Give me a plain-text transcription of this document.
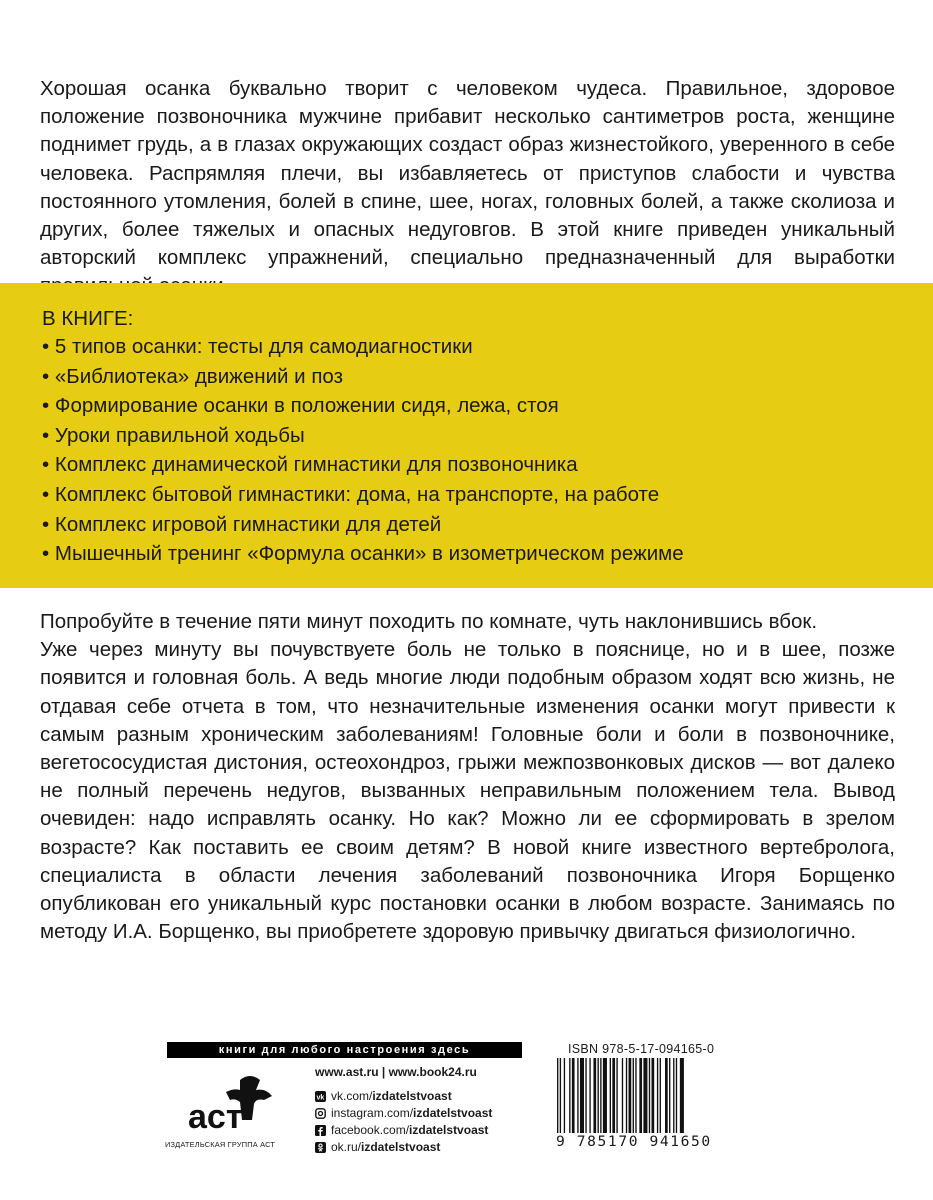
Хорошая осанка буквально творит с человеком чудеса. Правильное, здоровое положение позвоночника мужчине прибавит несколько сантиметров роста, женщине поднимет грудь, а в глазах окружающих создаст образ жизнестойкого, уверенного в себе человека. Распрямляя плечи, вы избавляетесь от приступов слабости и чувства постоянного утомления, болей в спине, шее, ногах, головных болей, а также сколиоза и других, более тяжелых и опасных недуговгов. В этой книге приведен уникальный авторский комплекс упражнений, специально предназначенный для выработки

В КНИГЕ:

• 5 типов осанки: тесты для самодиагностики
• «Библиотека» движений и поз
• Формирование осанки в положении сидя, лежа, стоя
• Уроки правильной ходьбы
• Комплекс динамической гимнастики для позвоночника
• Комплекс бытовой гимнастики: дома, на транспорте, на работе
• Комплекс игровой гимнастики для детей
• Мышечный тренинг «Формула осанки» в изометрическом режиме

Попробуйте в течение пяти минут походить по комнате, чуть наклонившись вбок.

Уже через минуту вы почувствуете боль не только в пояснице, но и в шее, позже появится и головная боль. А ведь многие люди подобным образом ходят всю жизнь, не отдавая себе отчета в том, что незначительные изменения осанки могут привести к самым разным хроническим заболеваниям! Головные боли и боли в позвоночнике, вегетососудистая дистония, остеохондроз, грыжи межпозвонковых дисков — вот далеко не полный перечень недугов, вызванных неправильным положением тела. Вывод очевиден: надо исправлять осанку. Но как? Можно ли ее сформировать в зрелом возрасте? Как поставить ее своим детям? В новой книге известного вертебролога, специалиста в области лечения заболеваний позвоночника Игоря Борщенко опубликован его уникальный курс постановки осанки в любом возрасте. Занимаясь по методу И.А. Борщенко, вы приобретете здоровую привычку двигаться физиологично.

книги для любого настроения здесь
аст
ИЗДАТЕЛЬСКАЯ ГРУППА АСТ
www.ast.ru | www.book24.ru
vk vk.com/izdatelstvoast
instagram.com/izdatelstvoast
facebook.com/izdatelstvoast
ok.ru/izdatelstvoast
ISBN 978-5-17-094165-0
9 785170 941650
